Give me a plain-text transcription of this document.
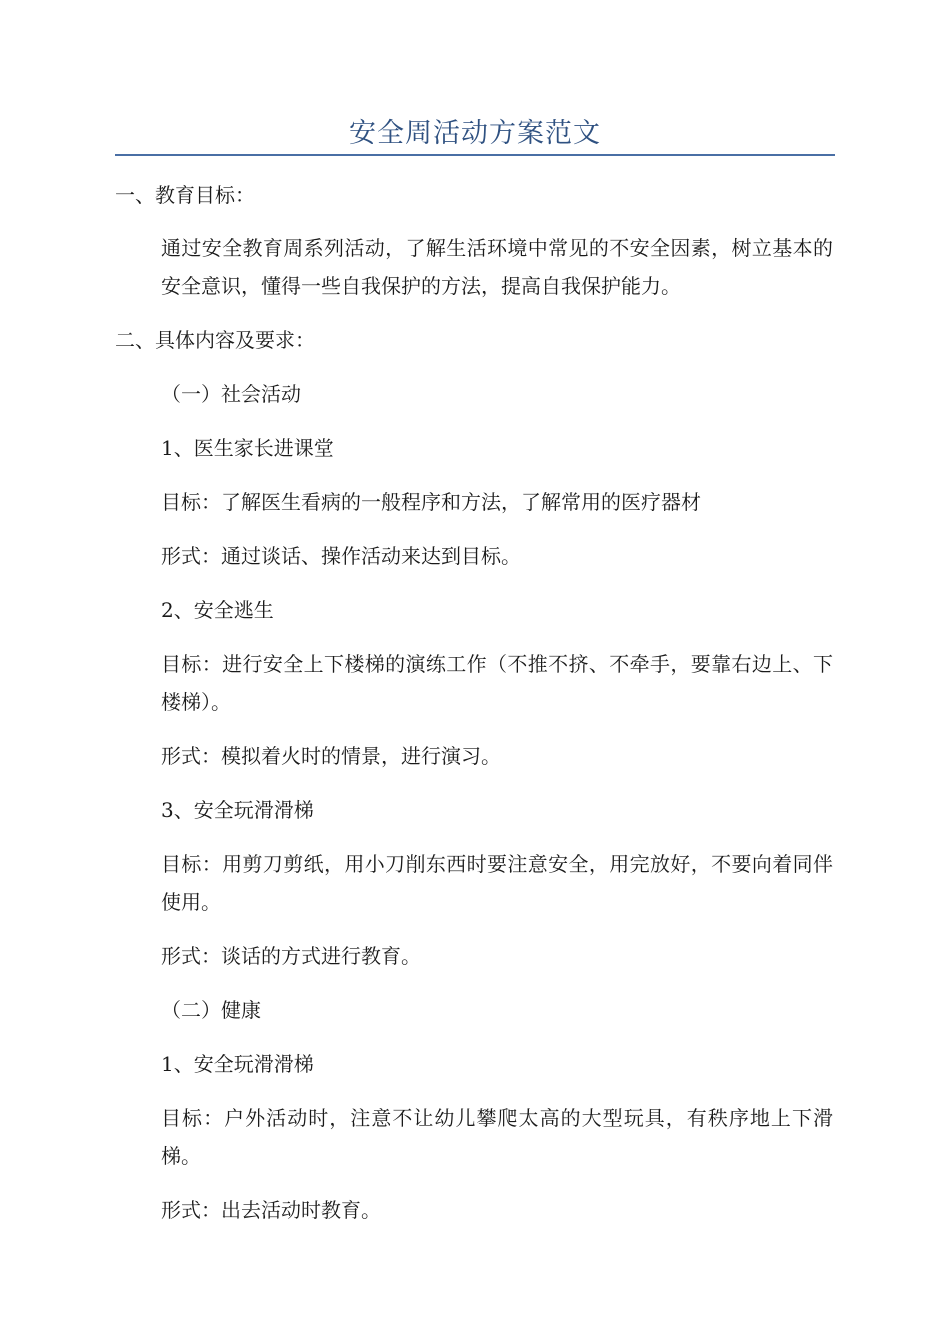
安全周活动方案范文
一、教育目标：
通过安全教育周系列活动，了解生活环境中常见的不安全因素，树立基本的安全意识，懂得一些自我保护的方法，提高自我保护能力。
二、具体内容及要求：
（一）社会活动
1、医生家长进课堂
目标：了解医生看病的一般程序和方法，了解常用的医疗器材
形式：通过谈话、操作活动来达到目标。
2、安全逃生
目标：进行安全上下楼梯的演练工作（不推不挤、不牵手，要靠右边上、下楼梯）。
形式：模拟着火时的情景，进行演习。
3、安全玩滑滑梯
目标：用剪刀剪纸，用小刀削东西时要注意安全，用完放好，不要向着同伴使用。
形式：谈话的方式进行教育。
（二）健康
1、安全玩滑滑梯
目标：户外活动时，注意不让幼儿攀爬太高的大型玩具，有秩序地上下滑梯。
形式：出去活动时教育。
